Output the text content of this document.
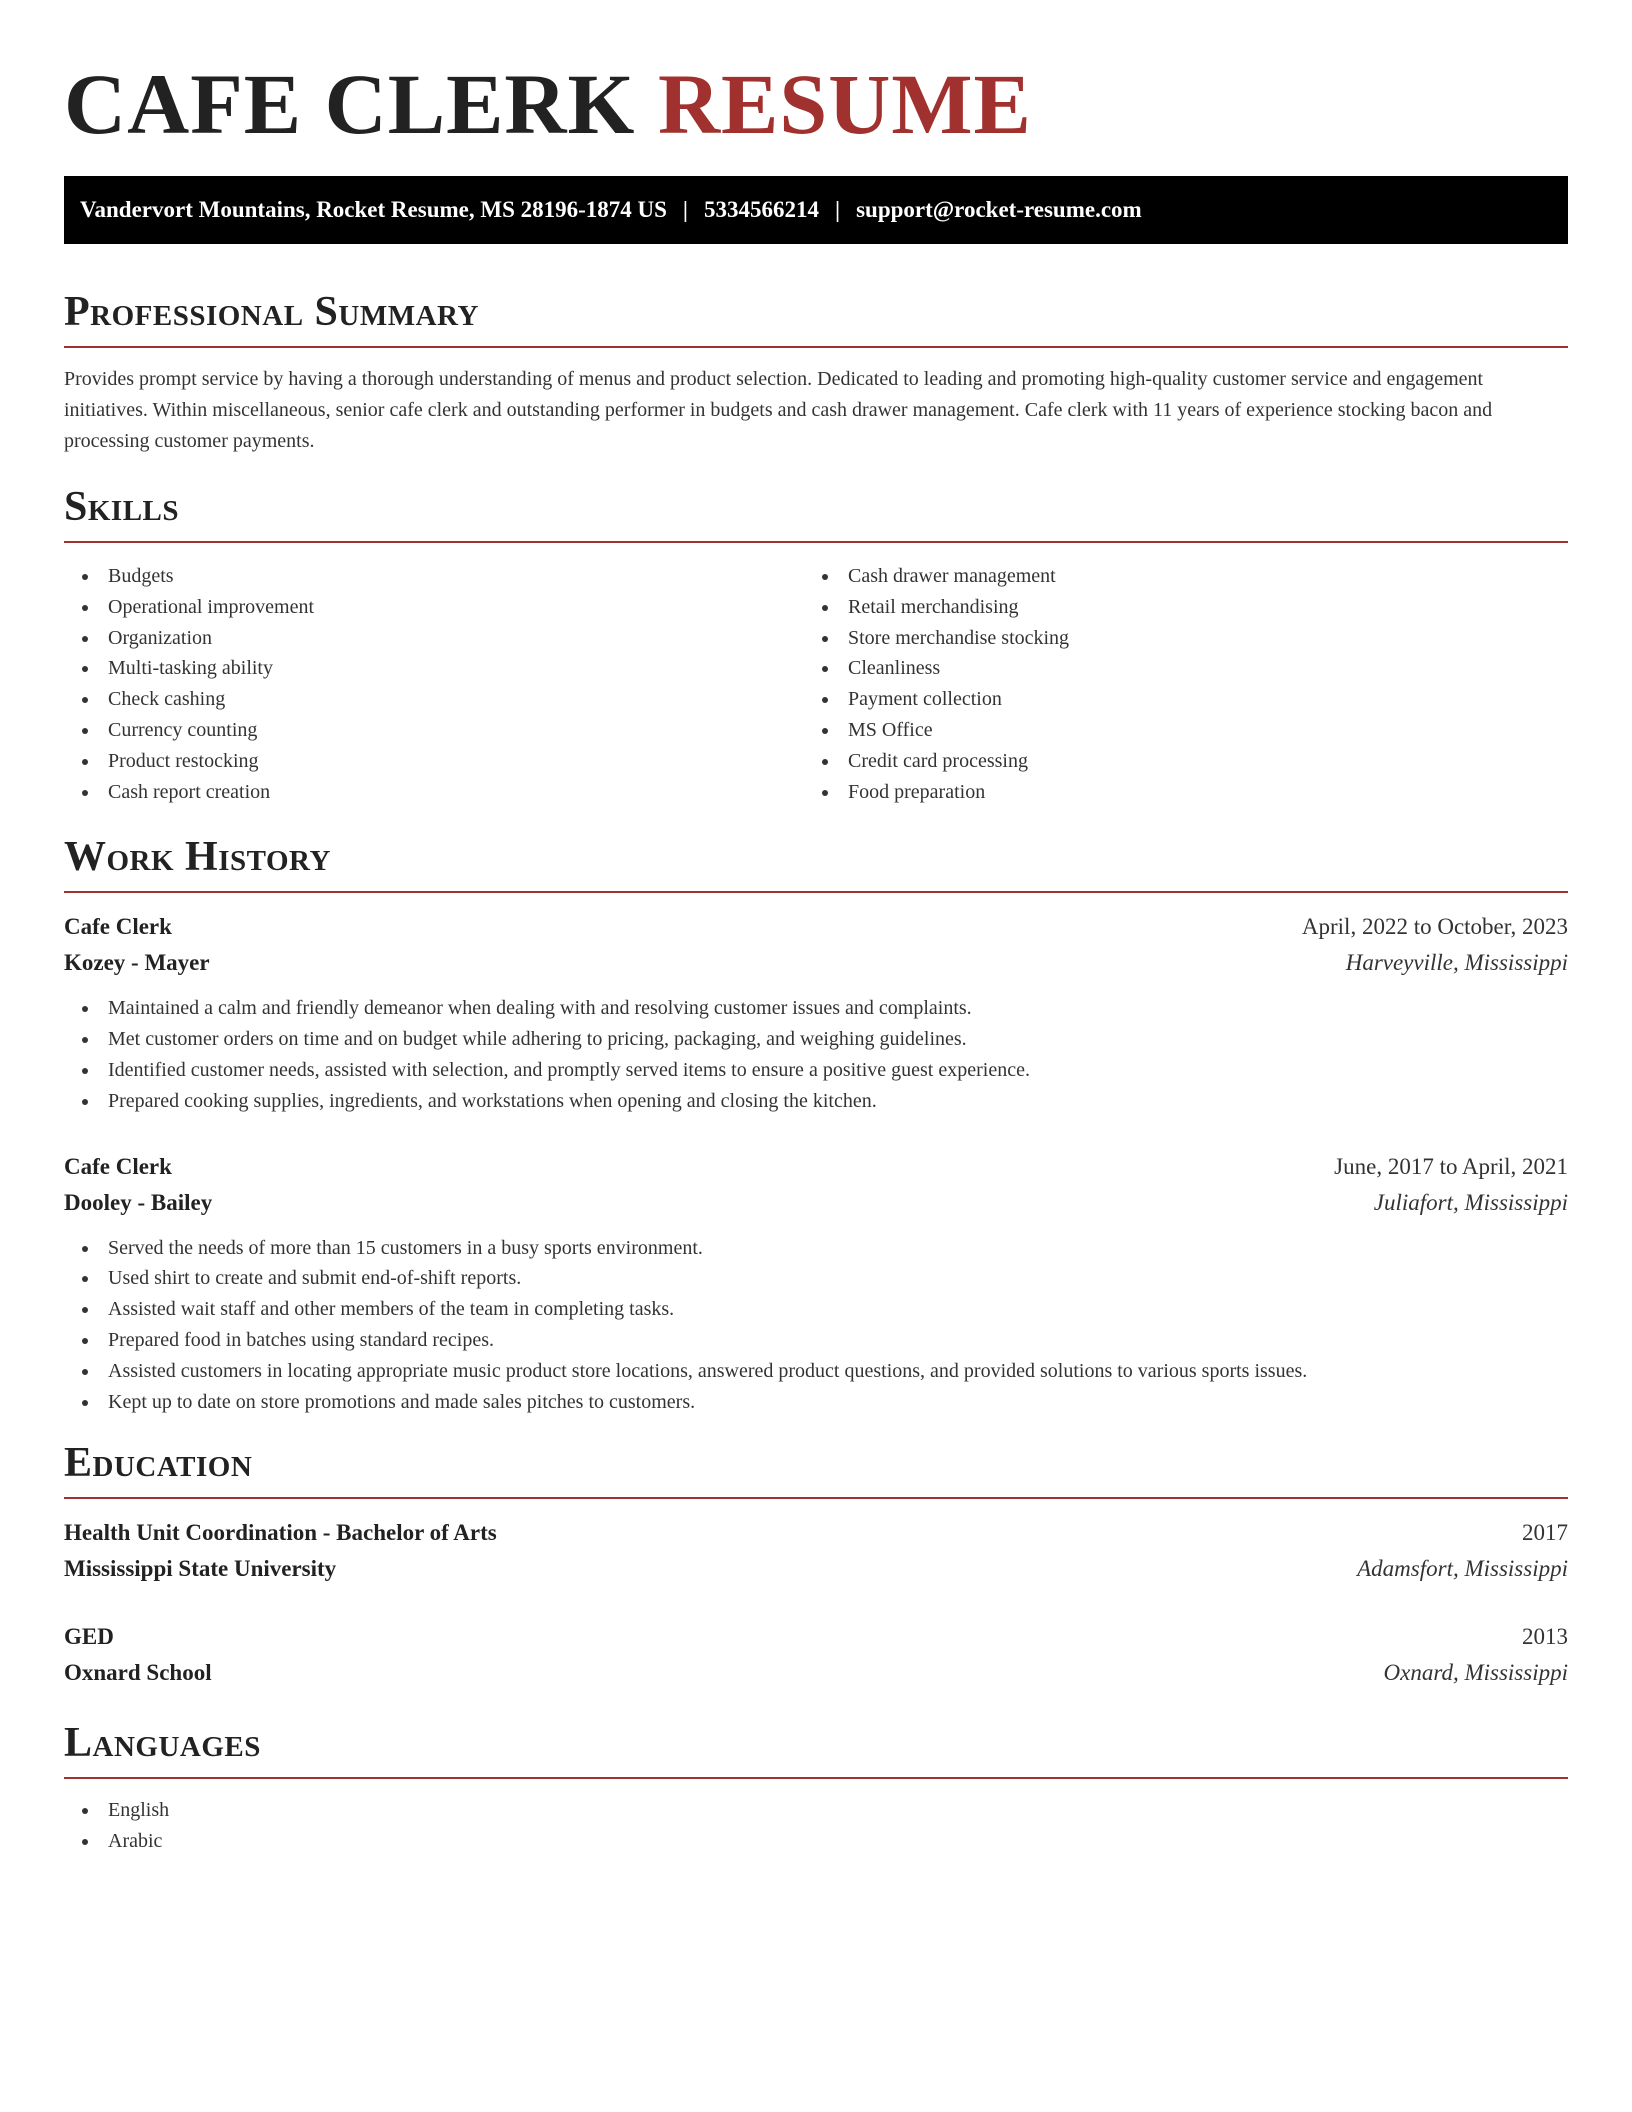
CAFE CLERK RESUME
Vandervort Mountains, Rocket Resume, MS 28196-1874 US | 5334566214 | support@rocket-resume.com
Professional Summary

Provides prompt service by having a thorough understanding of menus and product selection. Dedicated to leading and promoting high-quality customer service and engagement initiatives. Within miscellaneous, senior cafe clerk and outstanding performer in budgets and cash drawer management. Cafe clerk with 11 years of experience stocking bacon and processing customer payments.

Skills
Budgets
Operational improvement
Organization
Multi-tasking ability
Check cashing
Currency counting
Product restocking
Cash report creation
Cash drawer management
Retail merchandising
Store merchandise stocking
Cleanliness
Payment collection
MS Office
Credit card processing
Food preparation
Work History
Cafe Clerk	April, 2022 to October, 2023
Kozey - Mayer	Harveyville, Mississippi
Maintained a calm and friendly demeanor when dealing with and resolving customer issues and complaints.
Met customer orders on time and on budget while adhering to pricing, packaging, and weighing guidelines.
Identified customer needs, assisted with selection, and promptly served items to ensure a positive guest experience.
Prepared cooking supplies, ingredients, and workstations when opening and closing the kitchen.
Cafe Clerk	June, 2017 to April, 2021
Dooley - Bailey	Juliafort, Mississippi
Served the needs of more than 15 customers in a busy sports environment.
Used shirt to create and submit end-of-shift reports.
Assisted wait staff and other members of the team in completing tasks.
Prepared food in batches using standard recipes.
Assisted customers in locating appropriate music product store locations, answered product questions, and provided solutions to various sports issues.
Kept up to date on store promotions and made sales pitches to customers.
Education
Health Unit Coordination - Bachelor of Arts	2017
Mississippi State University	Adamsfort, Mississippi
GED	2013
Oxnard School	Oxnard, Mississippi
Languages
English
Arabic
